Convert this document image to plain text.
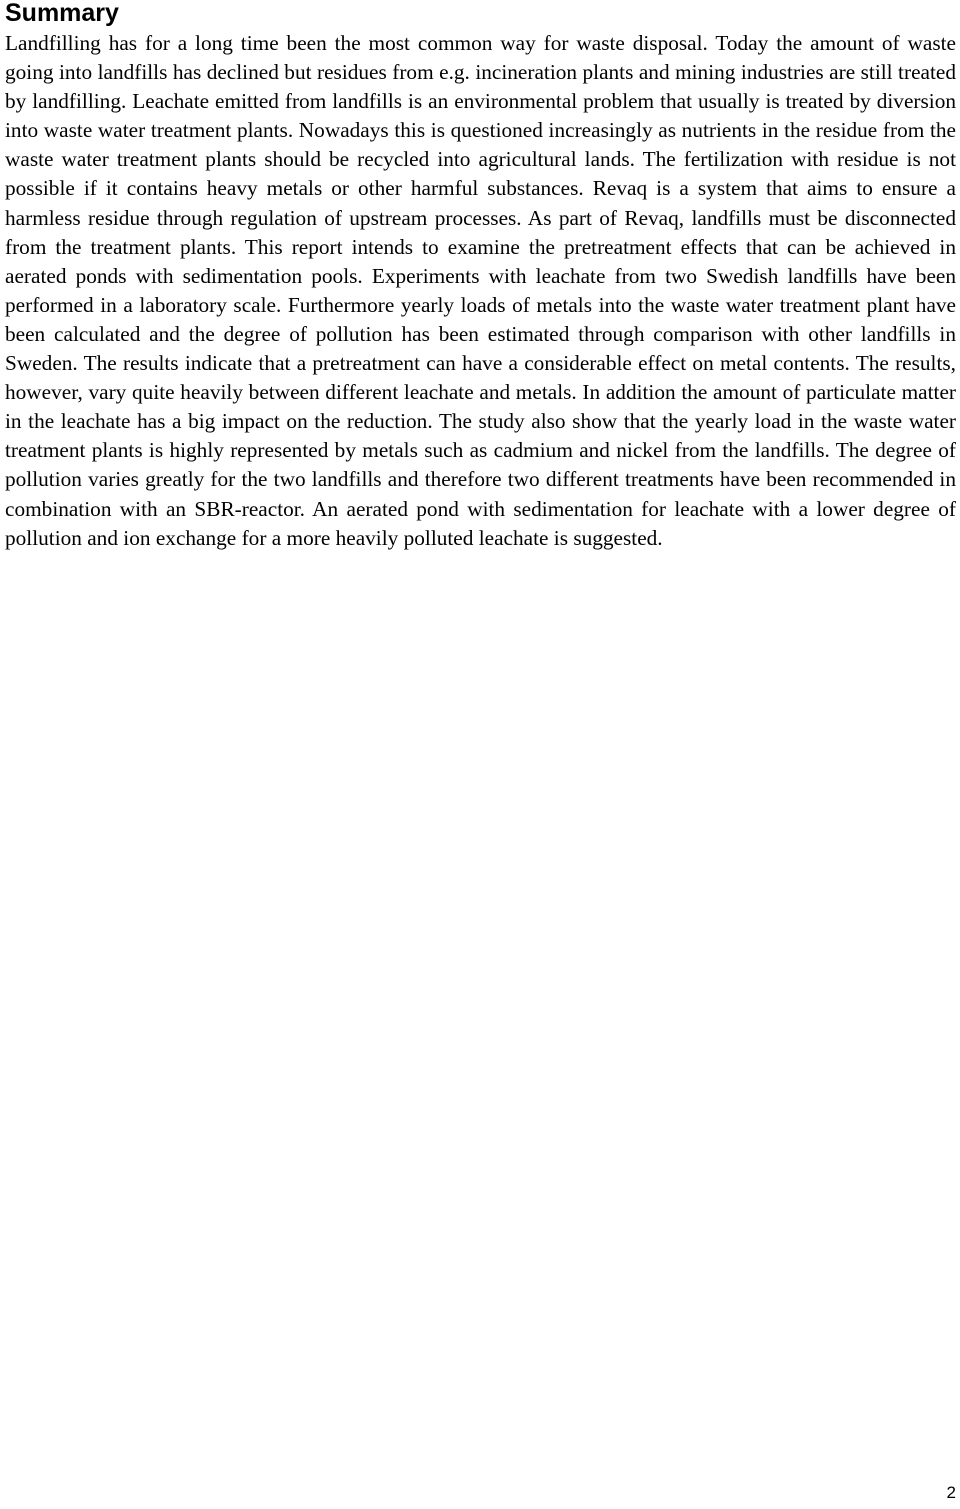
Summary

Landfilling has for a long time been the most common way for waste disposal. Today the amount of waste going into landfills has declined but residues from e.g. incineration plants and mining industries are still treated by landfilling. Leachate emitted from landfills is an environmental problem that usually is treated by diversion into waste water treatment plants. Nowadays this is questioned increasingly as nutrients in the residue from the waste water treatment plants should be recycled into agricultural lands. The fertilization with residue is not possible if it contains heavy metals or other harmful substances. Revaq is a system that aims to ensure a harmless residue through regulation of upstream processes. As part of Revaq, landfills must be disconnected from the treatment plants. This report intends to examine the pretreatment effects that can be achieved in aerated ponds with sedimentation pools. Experiments with leachate from two Swedish landfills have been performed in a laboratory scale. Furthermore yearly loads of metals into the waste water treatment plant have been calculated and the degree of pollution has been estimated through comparison with other landfills in Sweden. The results indicate that a pretreatment can have a considerable effect on metal contents. The results, however, vary quite heavily between different leachate and metals. In addition the amount of particulate matter in the leachate has a big impact on the reduction. The study also show that the yearly load in the waste water treatment plants is highly represented by metals such as cadmium and nickel from the landfills. The degree of pollution varies greatly for the two landfills and therefore two different treatments have been recommended in combination with an SBR-reactor. An aerated pond with sedimentation for leachate with a lower degree of pollution and ion exchange for a more heavily polluted leachate is suggested.

2
